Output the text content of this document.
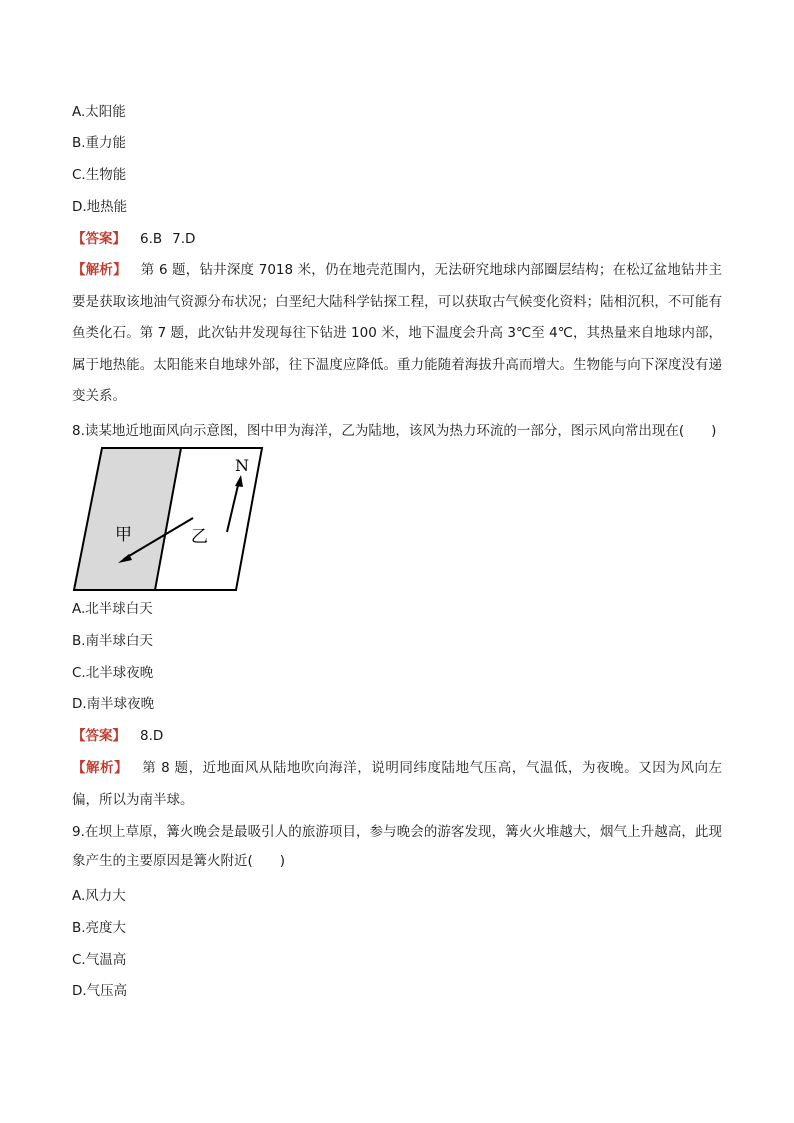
A.太阳能
B.重力能
C.生物能
D.地热能
【答案】 6.B 7.D
【解析】 第 6 题，钻井深度 7018 米，仍在地壳范围内，无法研究地球内部圈层结构；在松辽盆地钻井主要是获取该地油气资源分布状况；白垩纪大陆科学钻探工程，可以获取古气候变化资料；陆相沉积，不可能有鱼类化石。第 7 题，此次钻井发现每往下钻进 100 米，地下温度会升高 3℃至 4℃，其热量来自地球内部，属于地热能。太阳能来自地球外部，往下温度应降低。重力能随着海拔升高而增大。生物能与向下深度没有递变关系。
8.读某地近地面风向示意图，图中甲为海洋，乙为陆地，该风为热力环流的一部分，图示风向常出现在(　　)
甲	乙
N
A.北半球白天
B.南半球白天
C.北半球夜晚
D.南半球夜晚
【答案】 8.D
【解析】 第 8 题，近地面风从陆地吹向海洋，说明同纬度陆地气压高，气温低，为夜晚。又因为风向左偏，所以为南半球。
9.在坝上草原，篝火晚会是最吸引人的旅游项目，参与晚会的游客发现，篝火火堆越大，烟气上升越高，此现象产生的主要原因是篝火附近(　　)
A.风力大
B.亮度大
C.气温高
D.气压高
